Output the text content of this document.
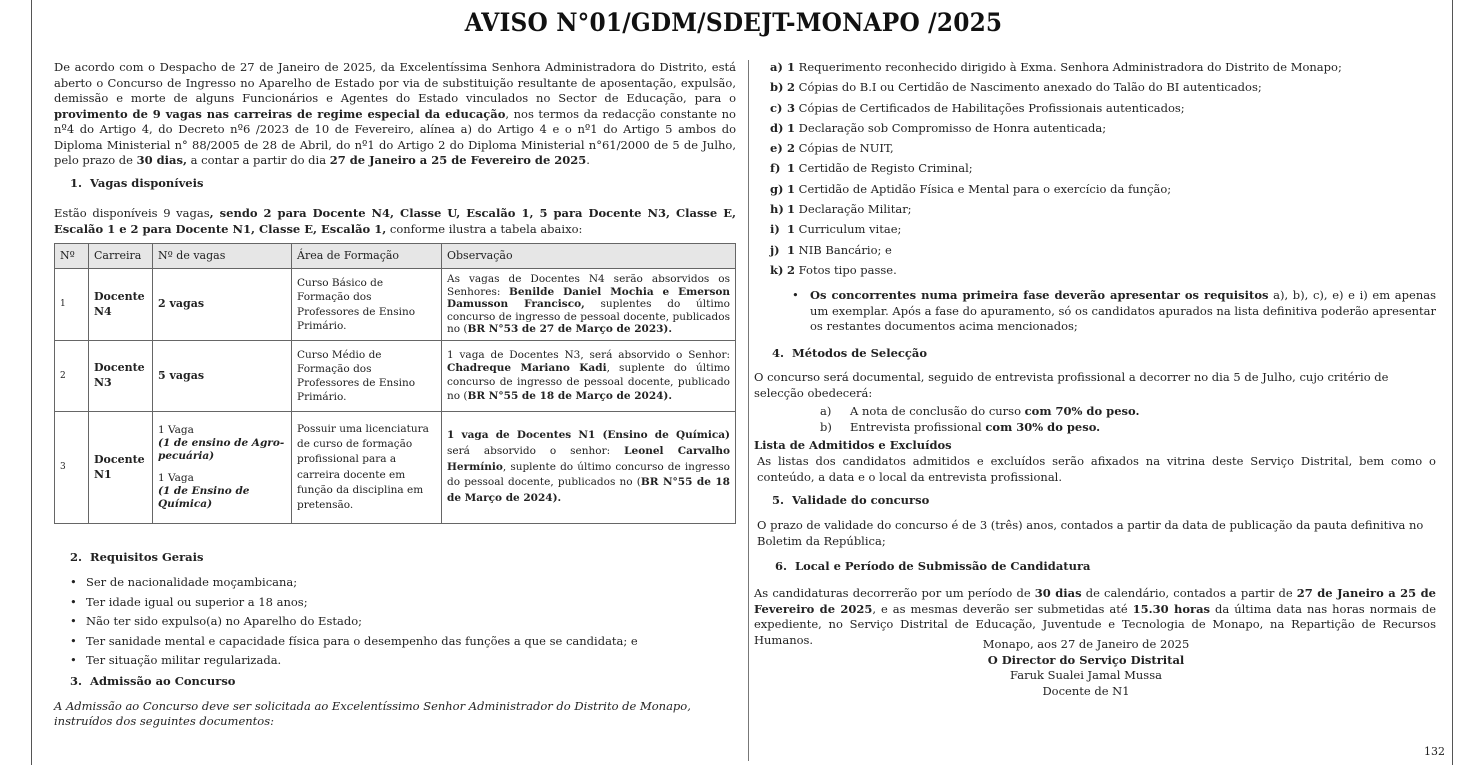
AVISO N°01/GDM/SDEJT-MONAPO /2025

De acordo com o Despacho de 27 de Janeiro de 2025, da Excelentíssima Senhora Administradora do Distrito, está aberto o Concurso de Ingresso no Aparelho de Estado por via de substituição resultante de aposentação, expulsão, demissão e morte de alguns Funcionários e Agentes do Estado vinculados no Sector de Educação, para o provimento de 9 vagas nas carreiras de regime especial da educação, nos termos da redacção constante no nº4 do Artigo 4, do Decreto nº6 /2023 de 10 de Fevereiro, alínea a) do Artigo 4 e o nº1 do Artigo 5 ambos do Diploma Ministerial n° 88/2005 de 28 de Abril, do nº1 do Artigo 2 do Diploma Ministerial n°61/2000 de 5 de Julho, pelo prazo de 30 dias, a contar a partir do dia 27 de Janeiro a 25 de Fevereiro de 2025.

1. Vagas disponíveis

Estão disponíveis 9 vagas, sendo 2 para Docente N4, Classe U, Escalão 1, 5 para Docente N3, Classe E, Escalão 1 e 2 para Docente N1, Classe E, Escalão 1, conforme ilustra a tabela abaixo:

Nº	Carreira	Nº de vagas	Área de Formação	Observação
1	Docente N4	2 vagas	Curso Básico de Formação dos Professores de Ensino Primário.	As vagas de Docentes N4 serão absorvidos os Senhores: Benilde Daniel Mochia e Emerson Damusson Francisco, suplentes do último concurso de ingresso de pessoal docente, publicados no (BR N°53 de 27 de Março de 2023).
2	Docente N3	5 vagas	Curso Médio de Formação dos Professores de Ensino Primário.	1 vaga de Docentes N3, será absorvido o Senhor: Chadreque Mariano Kadi, suplente do último concurso de ingresso de pessoal docente, publicado no (BR N°55 de 18 de Março de 2024).
3	Docente N1	1 Vaga
(1 de ensino de Agro-pecuária)
1 Vaga
(1 de Ensino de Química)	Possuir uma licenciatura de curso de formação profissional para a carreira docente em função da disciplina em pretensão.	1 vaga de Docentes N1 (Ensino de Química) será absorvido o senhor: Leonel Carvalho Hermínio, suplente do último concurso de ingresso do pessoal docente, publicados no (BR N°55 de 18 de Março de 2024).

2. Requisitos Gerais

• Ser de nacionalidade moçambicana;
• Ter idade igual ou superior a 18 anos;
• Não ter sido expulso(a) no Aparelho do Estado;
• Ter sanidade mental e capacidade física para o desempenho das funções a que se candidata; e
• Ter situação militar regularizada.

3. Admissão ao Concurso

A Admissão ao Concurso deve ser solicitada ao Excelentíssimo Senhor Administrador do Distrito de Monapo, instruídos dos seguintes documentos:

a) 1 Requerimento reconhecido dirigido à Exma. Senhora Administradora do Distrito de Monapo;
b) 2 Cópias do B.I ou Certidão de Nascimento anexado do Talão do BI autenticados;
c) 3 Cópias de Certificados de Habilitações Profissionais autenticados;
d) 1 Declaração sob Compromisso de Honra autenticada;
e) 2 Cópias de NUIT,
f) 1 Certidão de Registo Criminal;
g) 1 Certidão de Aptidão Física e Mental para o exercício da função;
h) 1 Declaração Militar;
i) 1 Curriculum vitae;
j) 1 NIB Bancário; e
k) 2 Fotos tipo passe.

• Os concorrentes numa primeira fase deverão apresentar os requisitos a), b), c), e) e i) em apenas um exemplar. Após a fase do apuramento, só os candidatos apurados na lista definitiva poderão apresentar os restantes documentos acima mencionados;

4. Métodos de Selecção

O concurso será documental, seguido de entrevista profissional a decorrer no dia 5 de Julho, cujo critério de selecção obedecerá:

a) A nota de conclusão do curso com 70% do peso.
b) Entrevista profissional com 30% do peso.

Lista de Admitidos e Excluídos

As listas dos candidatos admitidos e excluídos serão afixados na vitrina deste Serviço Distrital, bem como o conteúdo, a data e o local da entrevista profissional.

5. Validade do concurso

O prazo de validade do concurso é de 3 (três) anos, contados a partir da data de publicação da pauta definitiva no Boletim da República;

6. Local e Período de Submissão de Candidatura

As candidaturas decorrerão por um período de 30 dias de calendário, contados a partir de 27 de Janeiro a 25 de Fevereiro de 2025, e as mesmas deverão ser submetidas até 15.30 horas da última data nas horas normais de expediente, no Serviço Distrital de Educação, Juventude e Tecnologia de Monapo, na Repartição de Recursos Humanos.	Monapo, aos 27 de Janeiro de 2025
O Director do Serviço Distrital
Faruk Sualei Jamal Mussa
Docente de N1
132
